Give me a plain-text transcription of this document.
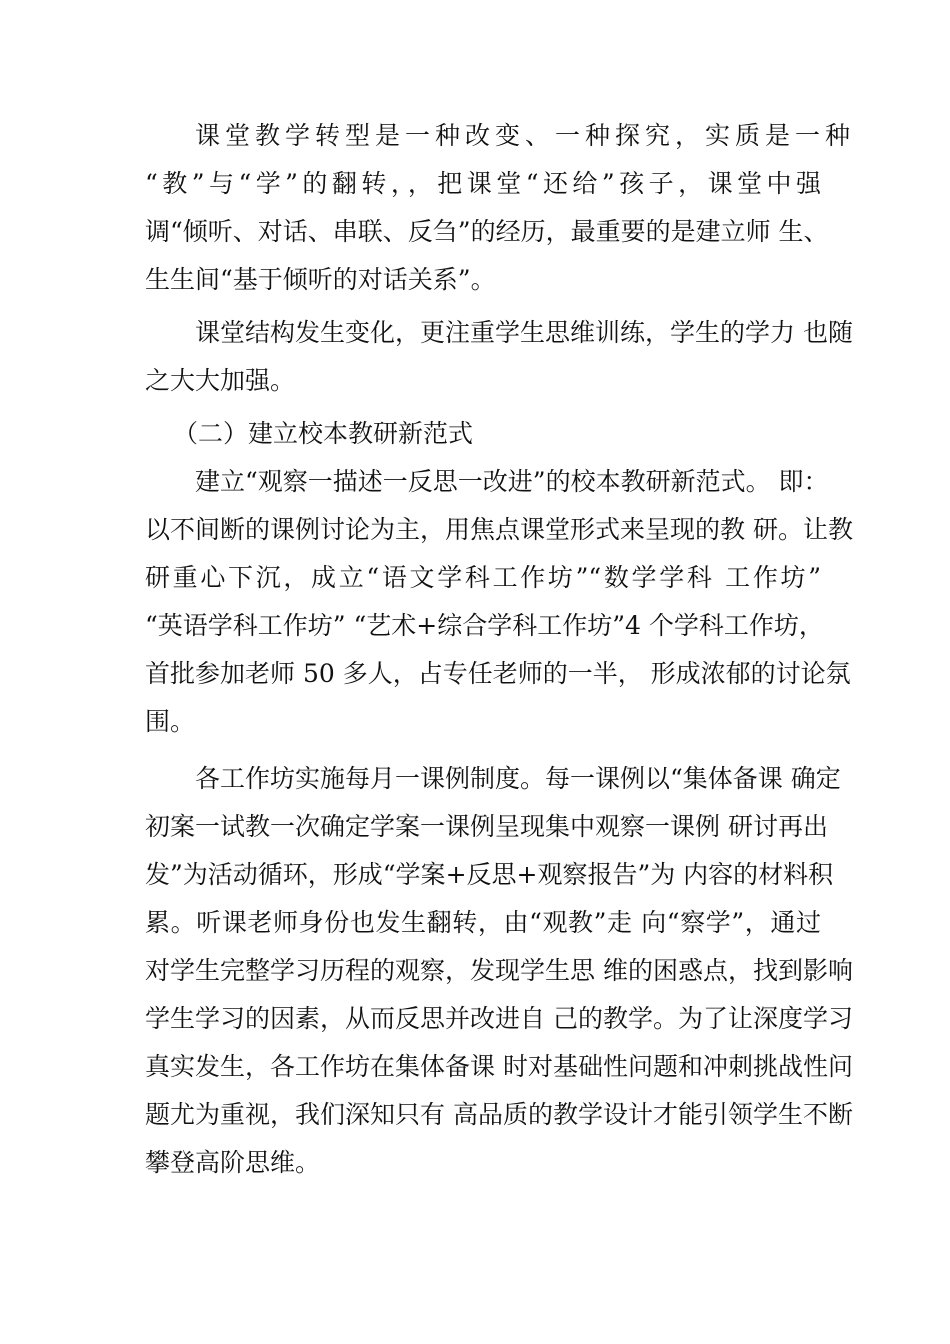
课堂教学转型是一种改变、一种探究，实质是一种
“教”与“学”的翻转，，把课堂“还给”孩子，课堂中强
调“倾听、对话、串联、反刍”的经历，最重要的是建立师 生、
生生间“基于倾听的对话关系”。
课堂结构发生变化，更注重学生思维训练，学生的学力 也随
之大大加强。
（二）建立校本教研新范式
建立“观察一描述一反思一改进”的校本教研新范式。 即：
以不间断的课例讨论为主，用焦点课堂形式来呈现的教 研。让教
研重心下沉，成立“语文学科工作坊”“数学学科 工作坊”
“英语学科工作坊” “艺术+综合学科工作坊”4 个学科工作坊，
首批参加老师 50 多人，占专任老师的一半， 形成浓郁的讨论氛
围。
各工作坊实施每月一课例制度。每一课例以“集体备课 确定
初案一试教一次确定学案一课例呈现集中观察一课例 研讨再出
发”为活动循环，形成“学案+反思+观察报告”为 内容的材料积
累。听课老师身份也发生翻转，由“观教”走 向“察学”，通过
对学生完整学习历程的观察，发现学生思 维的困惑点，找到影响
学生学习的因素，从而反思并改进自 己的教学。为了让深度学习
真实发生，各工作坊在集体备课 时对基础性问题和冲刺挑战性问
题尤为重视，我们深知只有 高品质的教学设计才能引领学生不断
攀登高阶思维。
